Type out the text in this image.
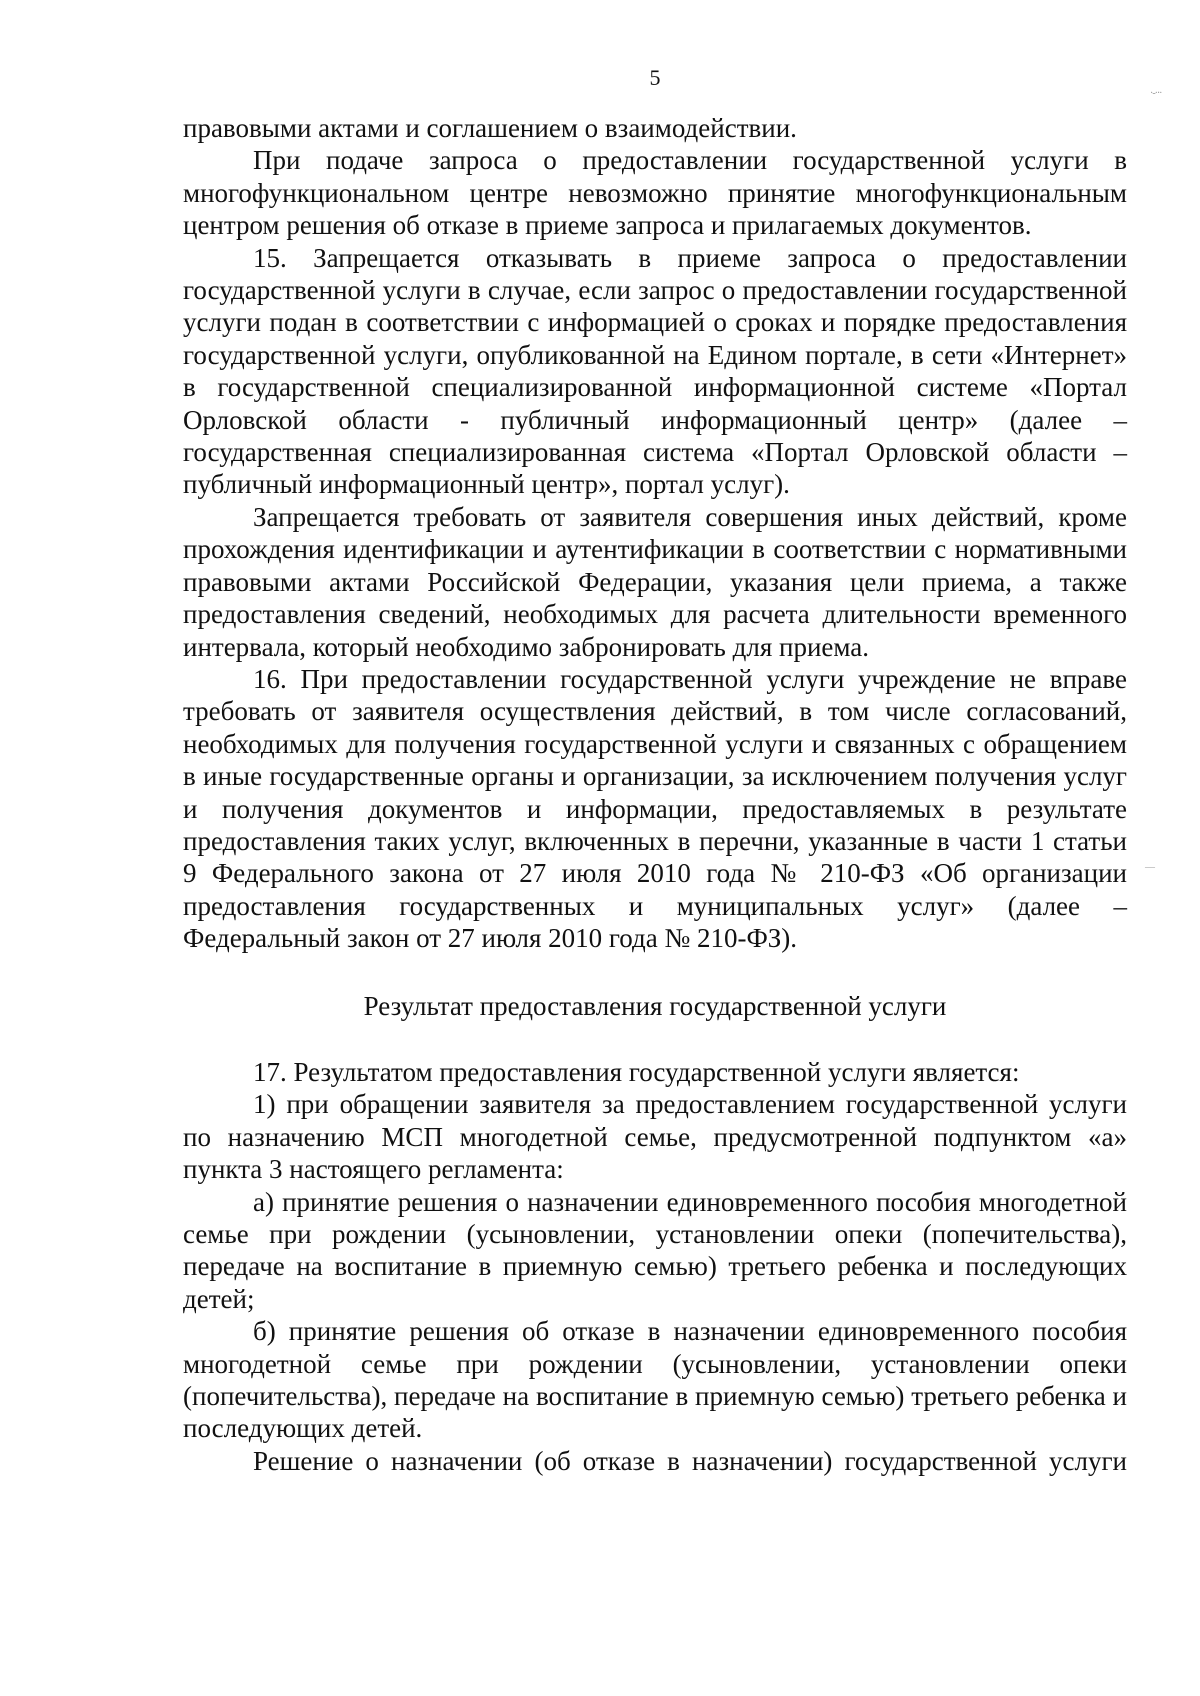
5

правовыми актами и соглашением о взаимодействии.

При подаче запроса о предоставлении государственной услуги в многофункциональном центре невозможно принятие многофункциональным центром решения об отказе в приеме запроса и прилагаемых документов.

15. Запрещается отказывать в приеме запроса о предоставлении государственной услуги в случае, если запрос о предоставлении государственной услуги подан в соответствии с информацией о сроках и порядке предоставления государственной услуги, опубликованной на Едином портале, в сети «Интернет» в государственной специализированной информационной системе «Портал Орловской области - публичный информационный центр» (далее – государственная специализированная система «Портал Орловской области – публичный информационный центр», портал услуг).

Запрещается требовать от заявителя совершения иных действий, кроме прохождения идентификации и аутентификации в соответствии с нормативными правовыми актами Российской Федерации, указания цели приема, а также предоставления сведений, необходимых для расчета длительности временного интервала, который необходимо забронировать для приема.

16. При предоставлении государственной услуги учреждение не вправе требовать от заявителя осуществления действий, в том числе согласований, необходимых для получения государственной услуги и связанных с обращением в иные государственные органы и организации, за исключением получения услуг и получения документов и информации, предоставляемых в результате предоставления таких услуг, включенных в перечни, указанные в части 1 статьи 9 Федерального закона от 27 июля 2010 года № 210-ФЗ «Об организации предоставления государственных и муниципальных услуг» (далее – Федеральный закон от 27 июля 2010 года № 210-ФЗ).

Результат предоставления государственной услуги

17. Результатом предоставления государственной услуги является:

1) при обращении заявителя за предоставлением государственной услуги по назначению МСП многодетной семье, предусмотренной подпунктом «а» пункта 3 настоящего регламента:

а) принятие решения о назначении единовременного пособия многодетной семье при рождении (усыновлении, установлении опеки (попечительства), передаче на воспитание в приемную семью) третьего ребенка и последующих детей;

б) принятие решения об отказе в назначении единовременного пособия многодетной семье при рождении (усыновлении, установлении опеки (попечительства), передаче на воспитание в приемную семью) третьего ребенка и последующих детей.

Решение о назначении (об отказе в назначении) государственной услуги

·-·‧·
—
